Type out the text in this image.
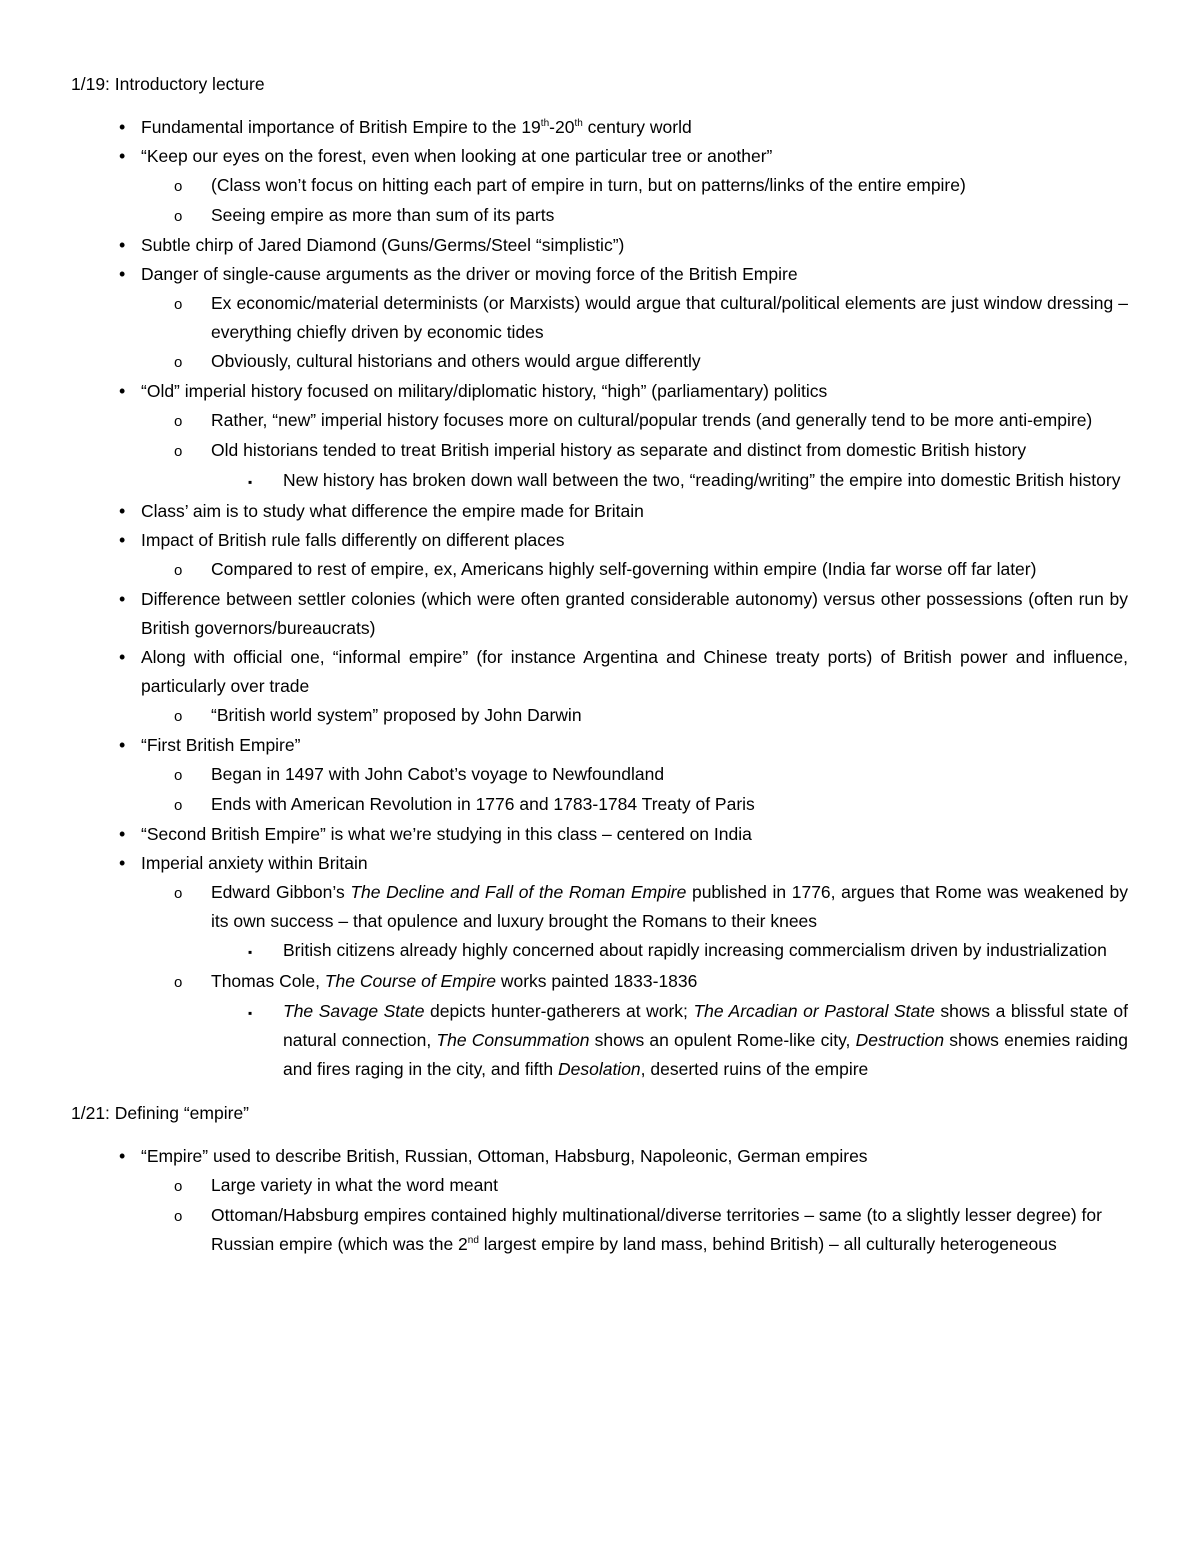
1/19: Introductory lecture
•
Fundamental importance of British Empire to the 19th-20th century world
•
“Keep our eyes on the forest, even when looking at one particular tree or another”
o
(Class won’t focus on hitting each part of empire in turn, but on patterns/links of the entire empire)
o
Seeing empire as more than sum of its parts
•
Subtle chirp of Jared Diamond (Guns/Germs/Steel “simplistic”)
•
Danger of single-cause arguments as the driver or moving force of the British Empire
o
Ex economic/material determinists (or Marxists) would argue that cultural/political elements are just window dressing – everything chiefly driven by economic tides
o
Obviously, cultural historians and others would argue differently
•
“Old” imperial history focused on military/diplomatic history, “high” (parliamentary) politics
o
Rather, “new” imperial history focuses more on cultural/popular trends (and generally tend to be more anti-empire)
o
Old historians tended to treat British imperial history as separate and distinct from domestic British history
▪
New history has broken down wall between the two, “reading/writing” the empire into domestic British history
•
Class’ aim is to study what difference the empire made for Britain
•
Impact of British rule falls differently on different places
o
Compared to rest of empire, ex, Americans highly self-governing within empire (India far worse off far later)
•
Difference between settler colonies (which were often granted considerable autonomy) versus other possessions (often run by British governors/bureaucrats)
•
Along with official one, “informal empire” (for instance Argentina and Chinese treaty ports) of British power and influence, particularly over trade
o
“British world system” proposed by John Darwin
•
“First British Empire”
o
Began in 1497 with John Cabot’s voyage to Newfoundland
o
Ends with American Revolution in 1776 and 1783-1784 Treaty of Paris
•
“Second British Empire” is what we’re studying in this class – centered on India
•
Imperial anxiety within Britain
o
Edward Gibbon’s The Decline and Fall of the Roman Empire published in 1776, argues that Rome was weakened by its own success – that opulence and luxury brought the Romans to their knees
▪
British citizens already highly concerned about rapidly increasing commercialism driven by industrialization
o
Thomas Cole, The Course of Empire works painted 1833-1836
▪
The Savage State depicts hunter-gatherers at work; The Arcadian or Pastoral State shows a blissful state of natural connection, The Consummation shows an opulent Rome-like city, Destruction shows enemies raiding and fires raging in the city, and fifth Desolation, deserted ruins of the empire
1/21: Defining “empire”
•
“Empire” used to describe British, Russian, Ottoman, Habsburg, Napoleonic, German empires
o
Large variety in what the word meant
o
Ottoman/Habsburg empires contained highly multinational/diverse territories – same (to a slightly lesser degree) for Russian empire (which was the 2nd largest empire by land mass, behind British) – all culturally heterogeneous
